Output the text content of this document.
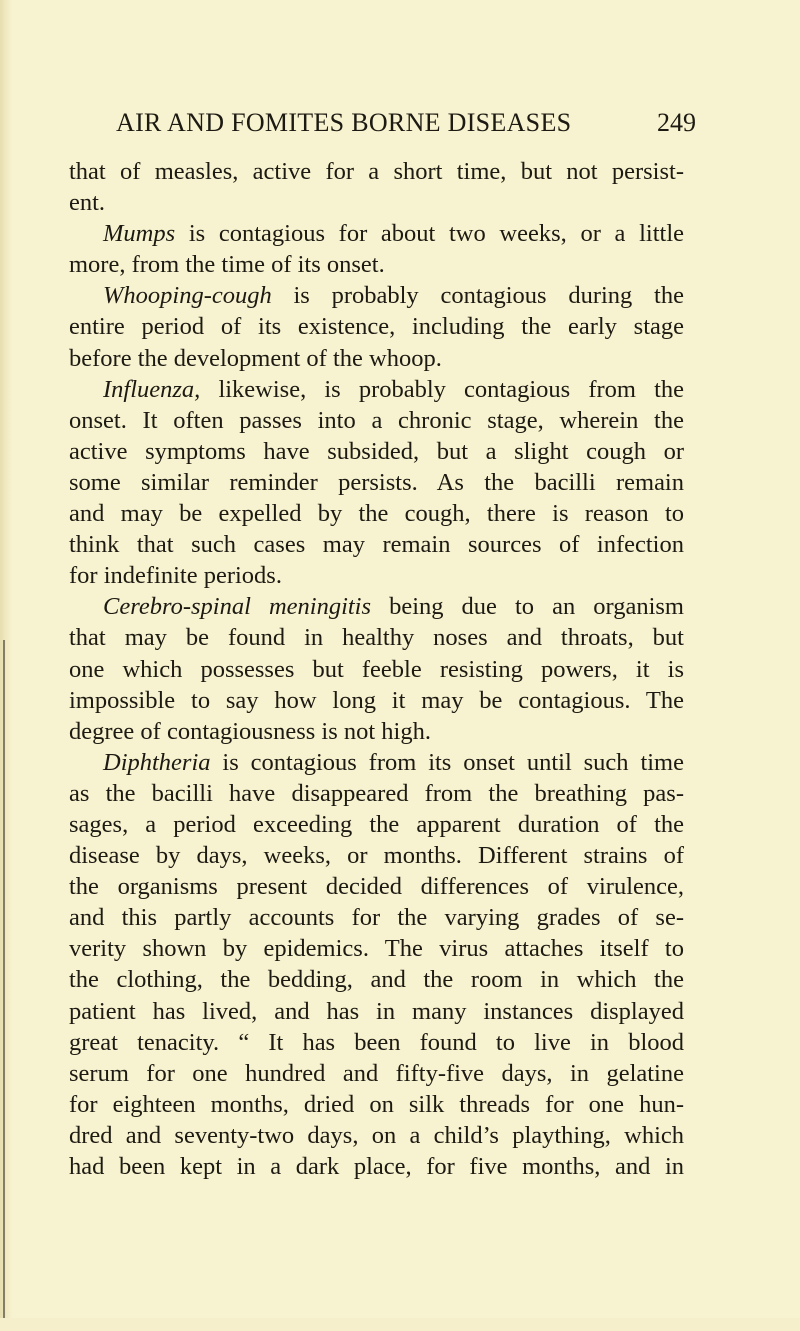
AIR AND FOMITES BORNE DISEASES	249
that of measles, active for a short time, but not persist-
ent.
Mumps is contagious for about two weeks, or a little
more, from the time of its onset.
Whooping-cough is probably contagious during the
entire period of its existence, including the early stage
before the development of the whoop.
Influenza, likewise, is probably contagious from the
onset. It often passes into a chronic stage, wherein the
active symptoms have subsided, but a slight cough or
some similar reminder persists. As the bacilli remain
and may be expelled by the cough, there is reason to
think that such cases may remain sources of infection
for indefinite periods.
Cerebro-spinal meningitis being due to an organism
that may be found in healthy noses and throats, but
one which possesses but feeble resisting powers, it is
impossible to say how long it may be contagious. The
degree of contagiousness is not high.
Diphtheria is contagious from its onset until such time
as the bacilli have disappeared from the breathing pas-
sages, a period exceeding the apparent duration of the
disease by days, weeks, or months. Different strains of
the organisms present decided differences of virulence,
and this partly accounts for the varying grades of se-
verity shown by epidemics. The virus attaches itself to
the clothing, the bedding, and the room in which the
patient has lived, and has in many instances displayed
great tenacity. “ It has been found to live in blood
serum for one hundred and fifty-five days, in gelatine
for eighteen months, dried on silk threads for one hun-
dred and seventy-two days, on a child’s plaything, which
had been kept in a dark place, for five months, and in
